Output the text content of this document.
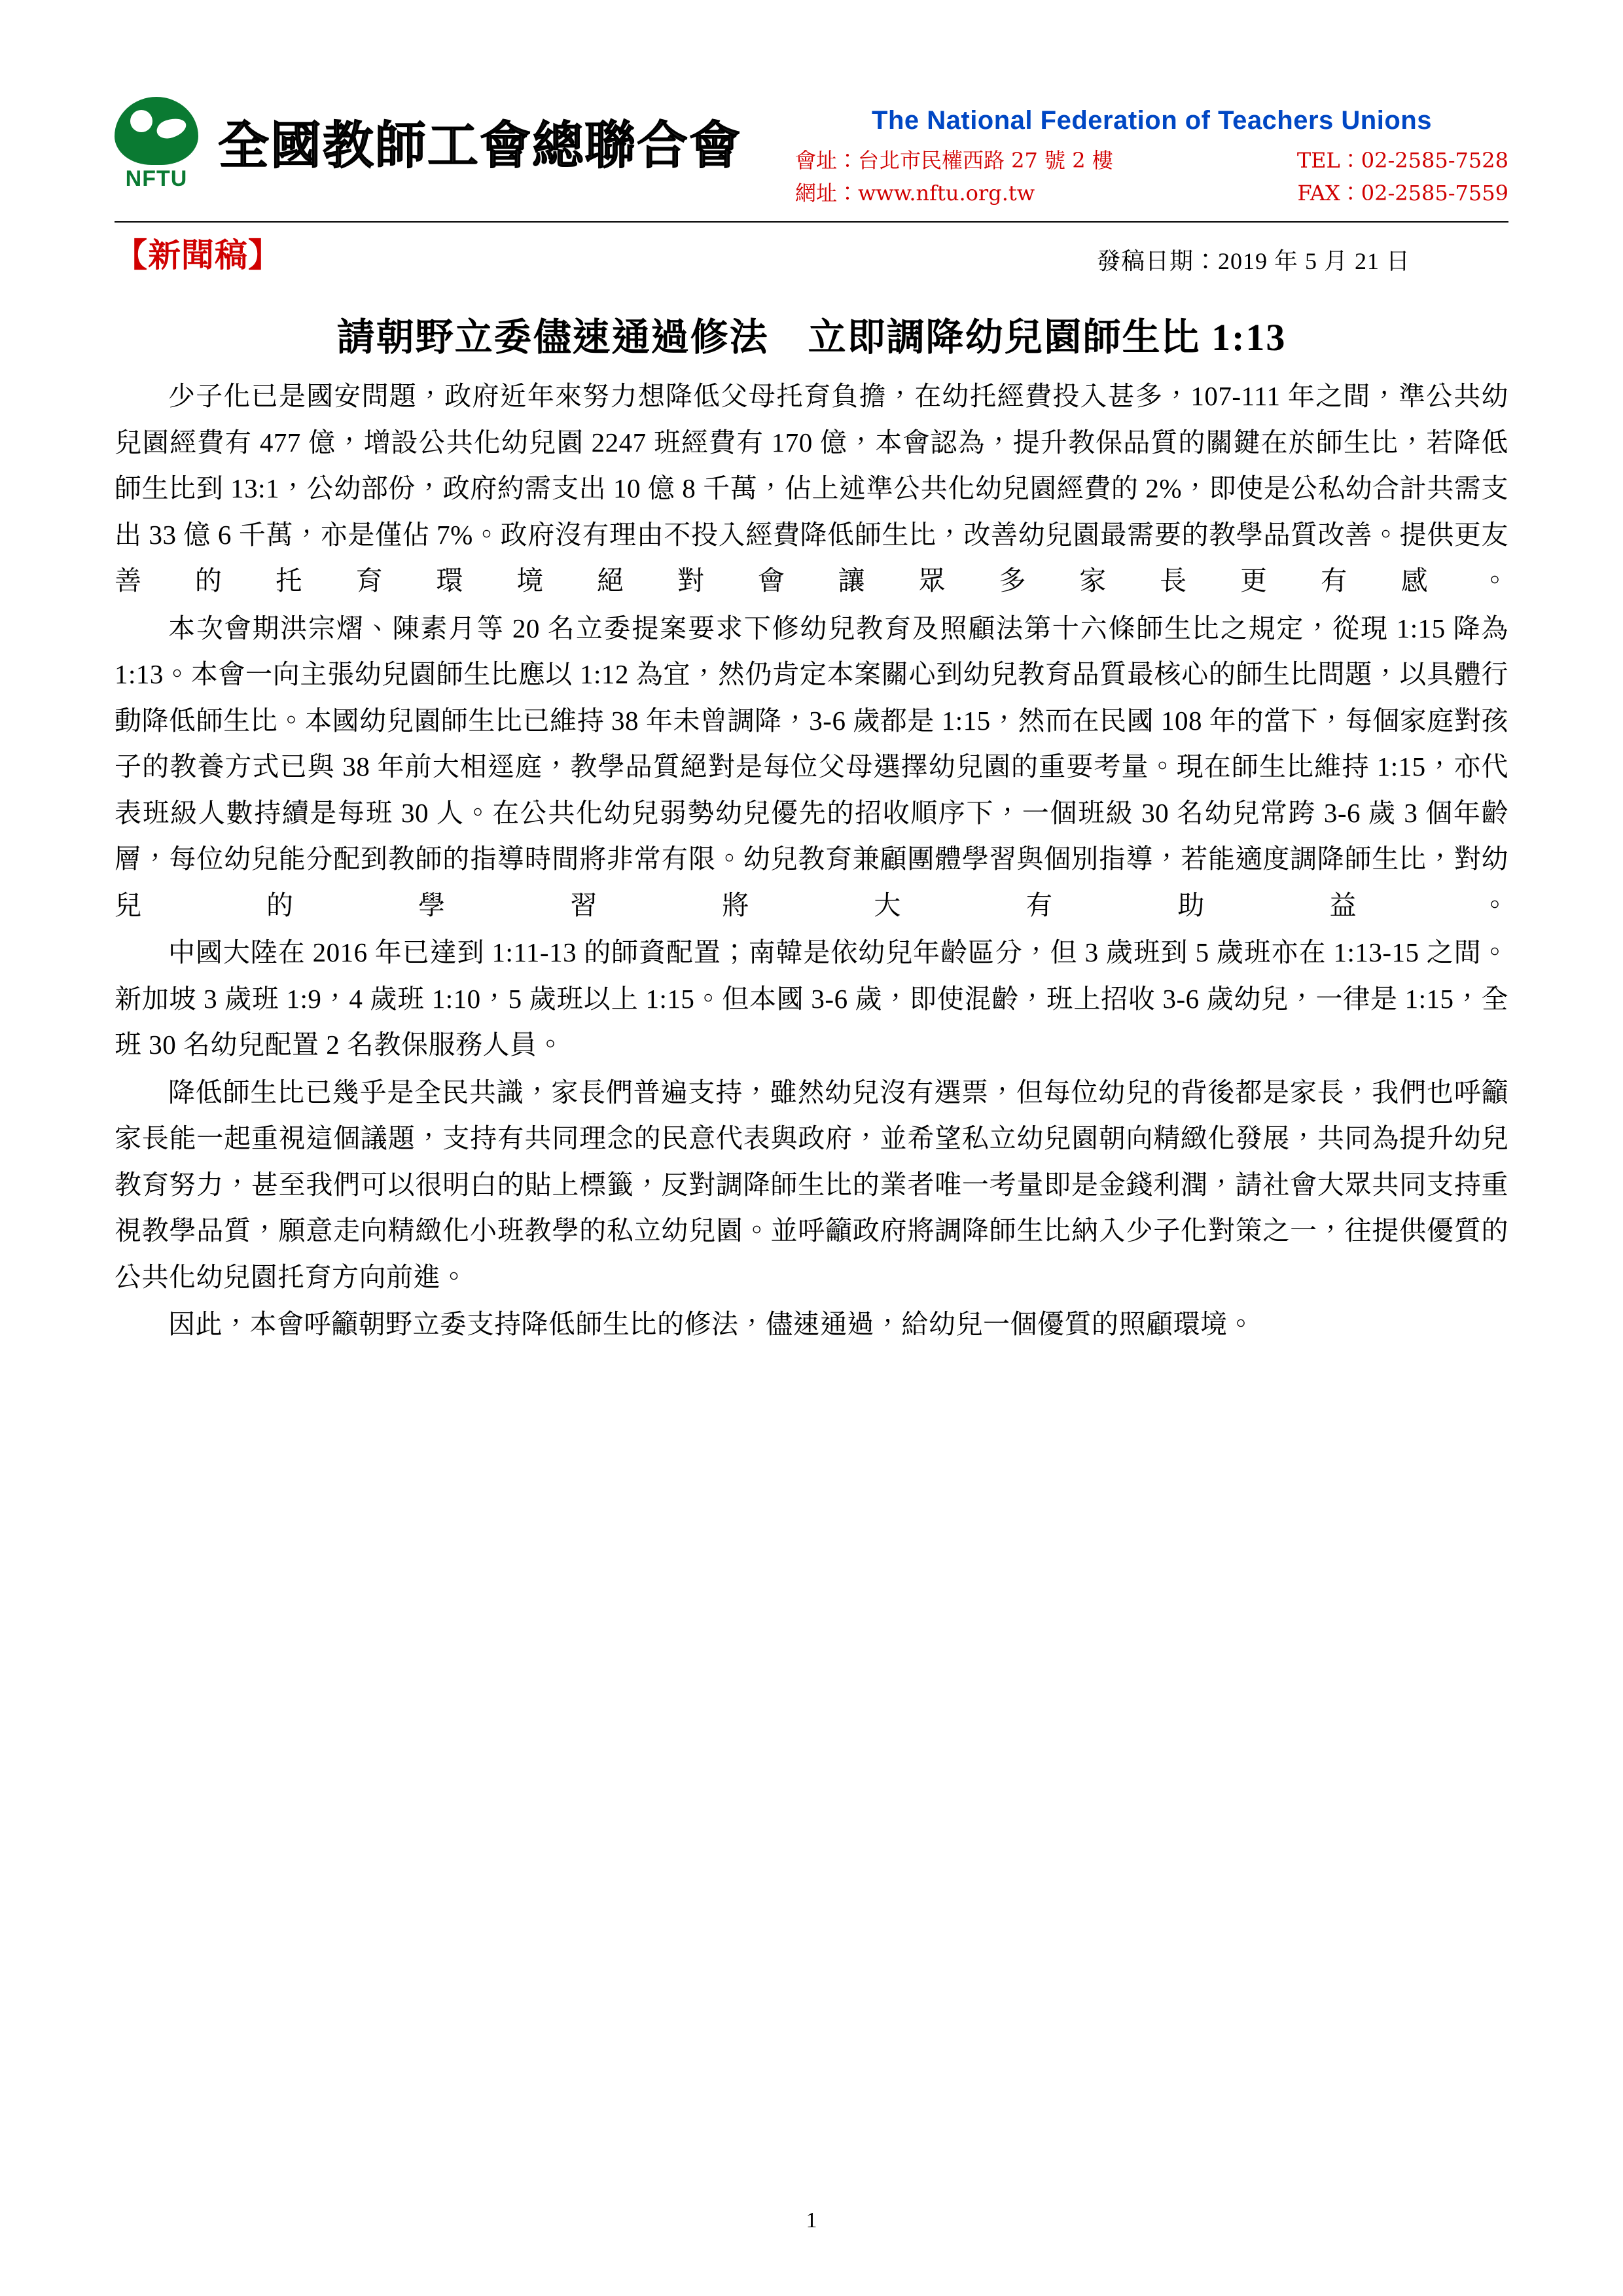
NFTU
全國教師工會總聯合會	The National Federation of Teachers Unions
會址：台北市民權西路 27 號 2 樓	TEL：02-2585-7528
網址：www.nftu.org.tw	FAX：02-2585-7559
【新聞稿】	發稿日期：2019 年 5 月 21 日
請朝野立委儘速通過修法　立即調降幼兒園師生比 1:13

少子化已是國安問題，政府近年來努力想降低父母托育負擔，在幼托經費投入甚多，107-111 年之間，準公共幼兒園經費有 477 億，增設公共化幼兒園 2247 班經費有 170 億，本會認為，提升教保品質的關鍵在於師生比，若降低師生比到 13:1，公幼部份，政府約需支出 10 億 8 千萬，佔上述準公共化幼兒園經費的 2%，即使是公私幼合計共需支出 33 億 6 千萬，亦是僅佔 7%。政府沒有理由不投入經費降低師生比，改善幼兒園最需要的教學品質改善。提供更友善的托育環境絕對會讓眾多家長更有感。

本次會期洪宗熠、陳素月等 20 名立委提案要求下修幼兒教育及照顧法第十六條師生比之規定，從現 1:15 降為 1:13。本會一向主張幼兒園師生比應以 1:12 為宜，然仍肯定本案關心到幼兒教育品質最核心的師生比問題，以具體行動降低師生比。本國幼兒園師生比已維持 38 年未曾調降，3-6 歲都是 1:15，然而在民國 108 年的當下，每個家庭對孩子的教養方式已與 38 年前大相逕庭，教學品質絕對是每位父母選擇幼兒園的重要考量。現在師生比維持 1:15，亦代表班級人數持續是每班 30 人。在公共化幼兒弱勢幼兒優先的招收順序下，一個班級 30 名幼兒常跨 3-6 歲 3 個年齡層，每位幼兒能分配到教師的指導時間將非常有限。幼兒教育兼顧團體學習與個別指導，若能適度調降師生比，對幼兒的學習將大有助益。

中國大陸在 2016 年已達到 1:11-13 的師資配置；南韓是依幼兒年齡區分，但 3 歲班到 5 歲班亦在 1:13-15 之間。新加坡 3 歲班 1:9，4 歲班 1:10，5 歲班以上 1:15。但本國 3-6 歲，即使混齡，班上招收 3-6 歲幼兒，一律是 1:15，全班 30 名幼兒配置 2 名教保服務人員。

降低師生比已幾乎是全民共識，家長們普遍支持，雖然幼兒沒有選票，但每位幼兒的背後都是家長，我們也呼籲家長能一起重視這個議題，支持有共同理念的民意代表與政府，並希望私立幼兒園朝向精緻化發展，共同為提升幼兒教育努力，甚至我們可以很明白的貼上標籤，反對調降師生比的業者唯一考量即是金錢利潤，請社會大眾共同支持重視教學品質，願意走向精緻化小班教學的私立幼兒園。並呼籲政府將調降師生比納入少子化對策之一，往提供優質的公共化幼兒園托育方向前進。

因此，本會呼籲朝野立委支持降低師生比的修法，儘速通過，給幼兒一個優質的照顧環境。

1
